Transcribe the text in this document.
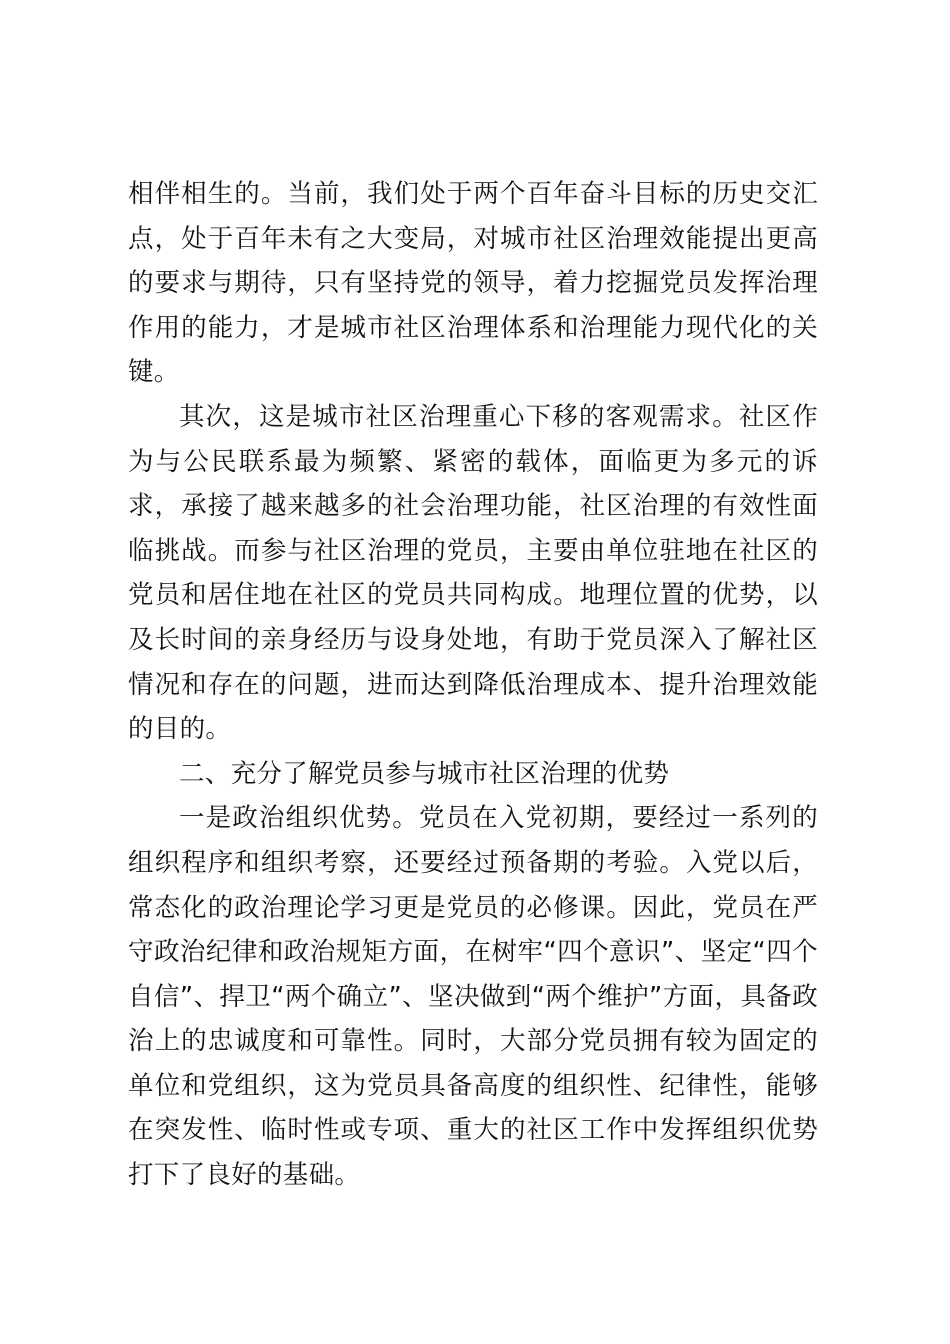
相伴相生的。当前，我们处于两个百年奋斗目标的历史交汇点，处于百年未有之大变局，对城市社区治理效能提出更高的要求与期待，只有坚持党的领导，着力挖掘党员发挥治理作用的能力，才是城市社区治理体系和治理能力现代化的关键。

其次，这是城市社区治理重心下移的客观需求。社区作为与公民联系最为频繁、紧密的载体，面临更为多元的诉求，承接了越来越多的社会治理功能，社区治理的有效性面临挑战。而参与社区治理的党员，主要由单位驻地在社区的党员和居住地在社区的党员共同构成。地理位置的优势，以及长时间的亲身经历与设身处地，有助于党员深入了解社区情况和存在的问题，进而达到降低治理成本、提升治理效能的目的。

二、充分了解党员参与城市社区治理的优势

一是政治组织优势。党员在入党初期，要经过一系列的组织程序和组织考察，还要经过预备期的考验。入党以后，常态化的政治理论学习更是党员的必修课。因此，党员在严守政治纪律和政治规矩方面，在树牢“四个意识”、坚定“四个自信”、捍卫“两个确立”、坚决做到“两个维护”方面，具备政治上的忠诚度和可靠性。同时，大部分党员拥有较为固定的单位和党组织，这为党员具备高度的组织性、纪律性，能够在突发性、临时性或专项、重大的社区工作中发挥组织优势打下了良好的基础。
